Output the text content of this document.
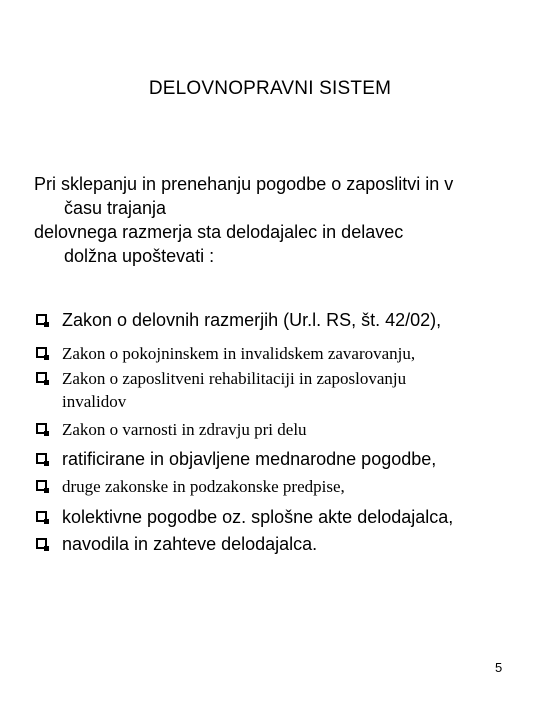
DELOVNOPRAVNI SISTEM

Pri sklepanju in prenehanju pogodbe o zaposlitvi in v

času trajanja

delovnega razmerja sta delodajalec in delavec

dolžna upoštevati :

Zakon o delovnih razmerjih (Ur.l. RS, št. 42/02),
Zakon o pokojninskem in invalidskem zavarovanju,
Zakon o zaposlitveni rehabilitaciji in zaposlovanju
invalidov
Zakon o varnosti in zdravju pri delu
ratificirane in objavljene mednarodne pogodbe,
druge zakonske in podzakonske predpise,
kolektivne pogodbe oz. splošne akte delodajalca,
navodila in zahteve delodajalca.
5
